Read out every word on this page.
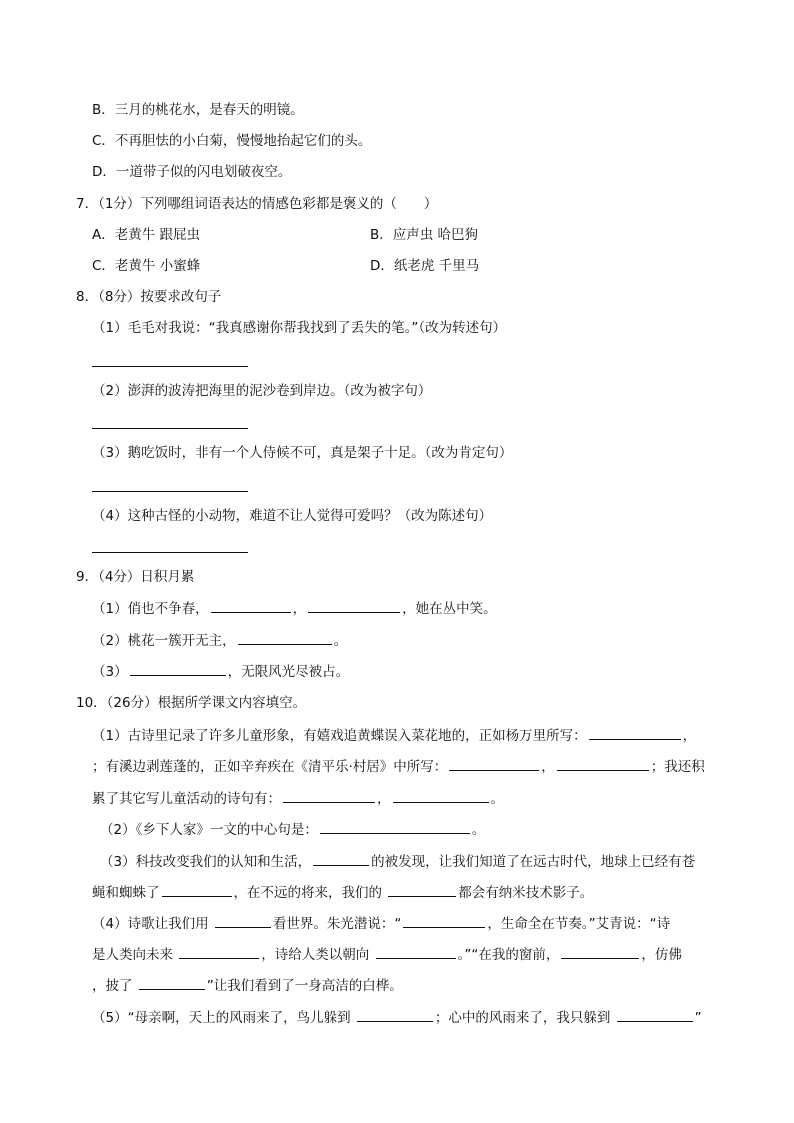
B．三月的桃花水，是春天的明镜。
C．不再胆怯的小白菊，慢慢地抬起它们的头。
D．一道带子似的闪电划破夜空。
7．（1分）下列哪组词语表达的情感色彩都是褒义的（　　）
A．老黄牛 跟屁虫	B．应声虫 哈巴狗
C．老黄牛 小蜜蜂	D．纸老虎 千里马
8．（8分）按要求改句子
（1）毛毛对我说：“我真感谢你帮我找到了丢失的笔。”（改为转述句）
（2）澎湃的波涛把海里的泥沙卷到岸边。（改为被字句）
（3）鹅吃饭时，非有一个人侍候不可，真是架子十足。（改为肯定句）
（4）这种古怪的小动物，难道不让人觉得可爱吗？（改为陈述句）
9．（4分）日积月累
（1）俏也不争春，	，	，她在丛中笑。
（2）桃花一簇开无主，	。
（3）	，无限风光尽被占。
10．（26分）根据所学课文内容填空。
（1）古诗里记录了许多儿童形象，有嬉戏追黄蝶误入菜花地的，正如杨万里所写：	，
；有溪边剥莲蓬的，正如辛弃疾在《清平乐·村居》中所写：	，	；我还积
累了其它写儿童活动的诗句有：	，	。
（2）《乡下人家》一文的中心句是：	。
（3）科技改变我们的认知和生活，	的被发现，让我们知道了在远古时代，地球上已经有苍
蝇和蜘蛛了	，在不远的将来，我们的	都会有纳米技术影子。
（4）诗歌让我们用	看世界。朱光潜说：“	，生命全在节奏。”艾青说：“诗
是人类向未来	，诗给人类以朝向	。”“在我的窗前，	，仿佛
，披了	”让我们看到了一身高洁的白桦。
（5）“母亲啊，天上的风雨来了，鸟儿躲到	；心中的风雨来了，我只躲到	”
